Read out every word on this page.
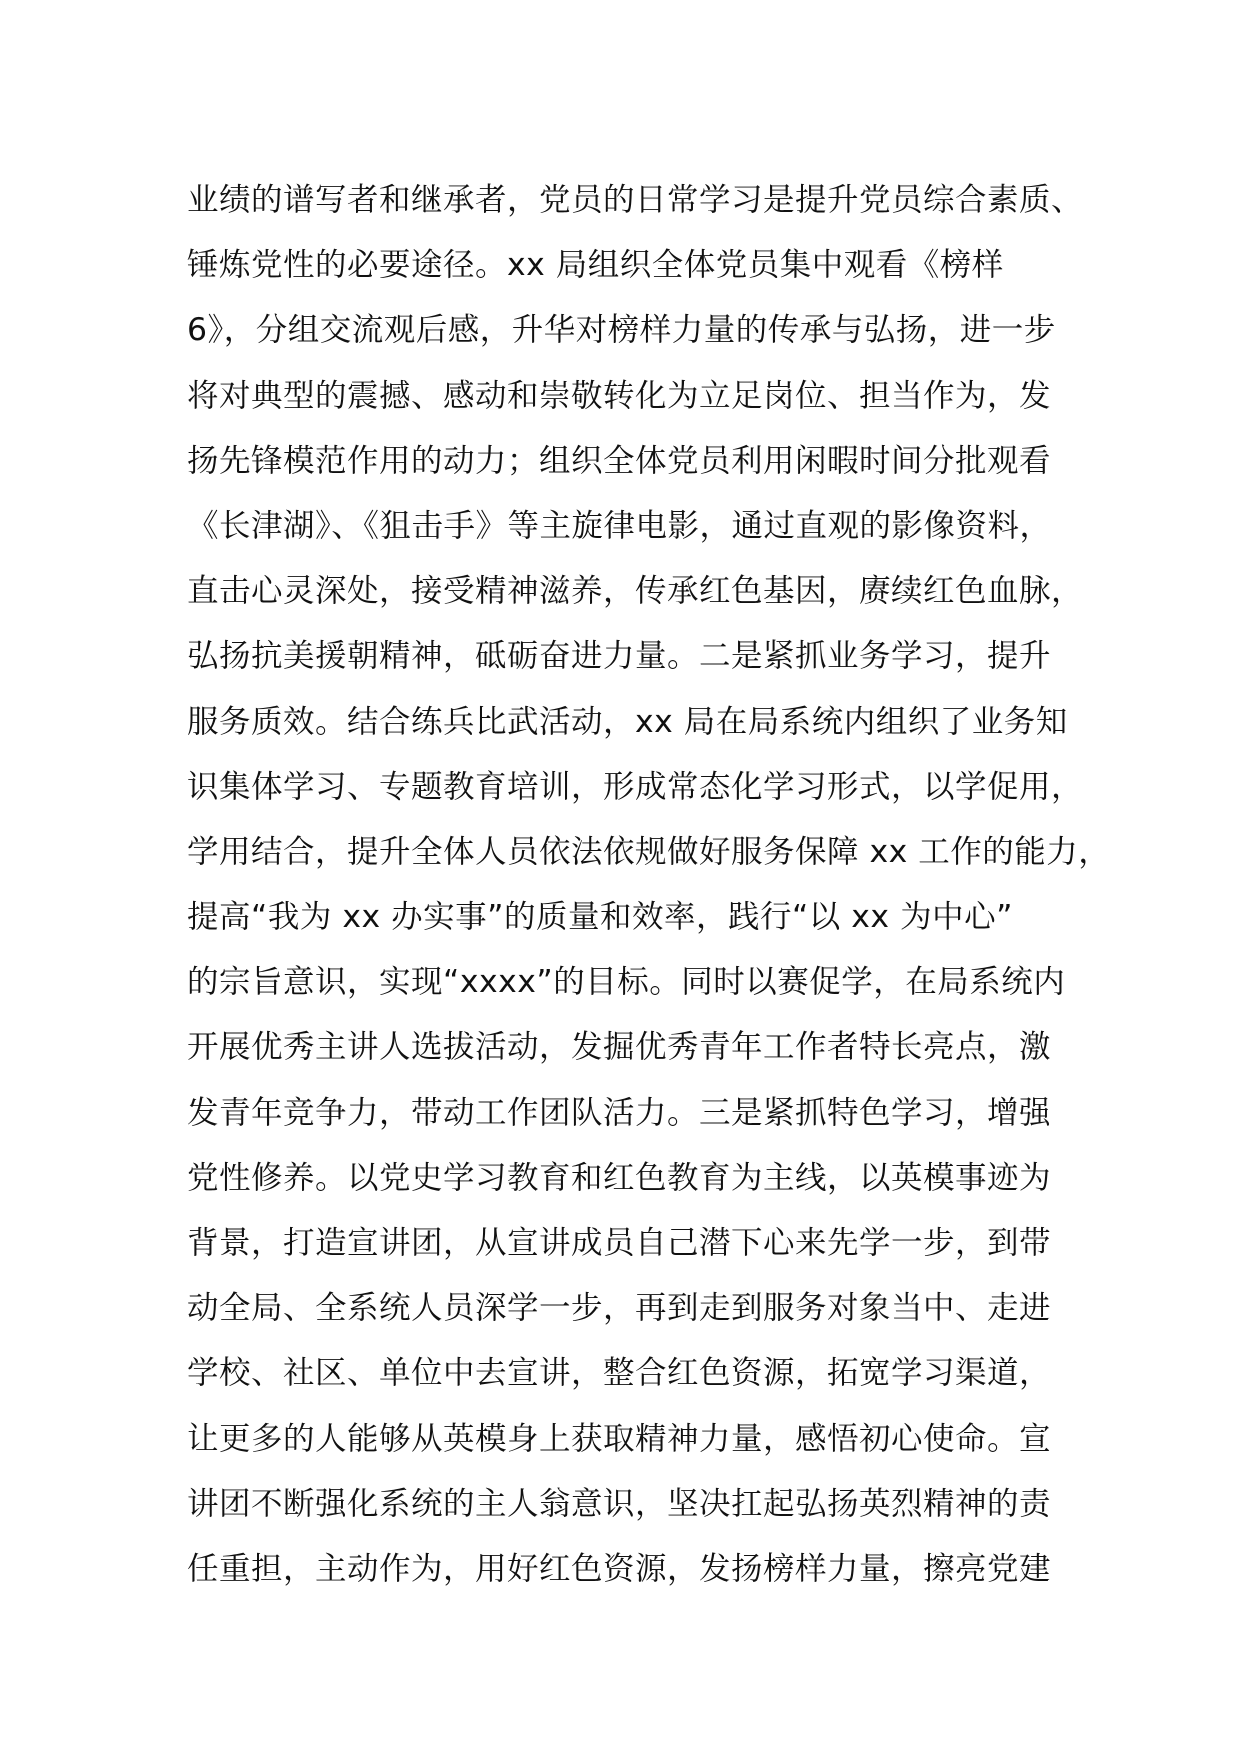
业绩的谱写者和继承者，党员的日常学习是提升党员综合素质、
锤炼党性的必要途径。xx 局组织全体党员集中观看《榜样
6》，分组交流观后感，升华对榜样力量的传承与弘扬，进一步
将对典型的震撼、感动和崇敬转化为立足岗位、担当作为，发
扬先锋模范作用的动力；组织全体党员利用闲暇时间分批观看
《长津湖》、《狙击手》等主旋律电影，通过直观的影像资料，
直击心灵深处，接受精神滋养，传承红色基因，赓续红色血脉，
弘扬抗美援朝精神，砥砺奋进力量。二是紧抓业务学习，提升
服务质效。结合练兵比武活动，xx 局在局系统内组织了业务知
识集体学习、专题教育培训，形成常态化学习形式，以学促用，
学用结合，提升全体人员依法依规做好服务保障 xx 工作的能力，
提高“我为 xx 办实事”的质量和效率，践行“以 xx 为中心”
的宗旨意识，实现“xxxx”的目标。同时以赛促学，在局系统内
开展优秀主讲人选拔活动，发掘优秀青年工作者特长亮点，激
发青年竞争力，带动工作团队活力。三是紧抓特色学习，增强
党性修养。以党史学习教育和红色教育为主线，以英模事迹为
背景，打造宣讲团，从宣讲成员自己潜下心来先学一步，到带
动全局、全系统人员深学一步，再到走到服务对象当中、走进
学校、社区、单位中去宣讲，整合红色资源，拓宽学习渠道，
让更多的人能够从英模身上获取精神力量，感悟初心使命。宣
讲团不断强化系统的主人翁意识，坚决扛起弘扬英烈精神的责
任重担，主动作为，用好红色资源，发扬榜样力量，擦亮党建
